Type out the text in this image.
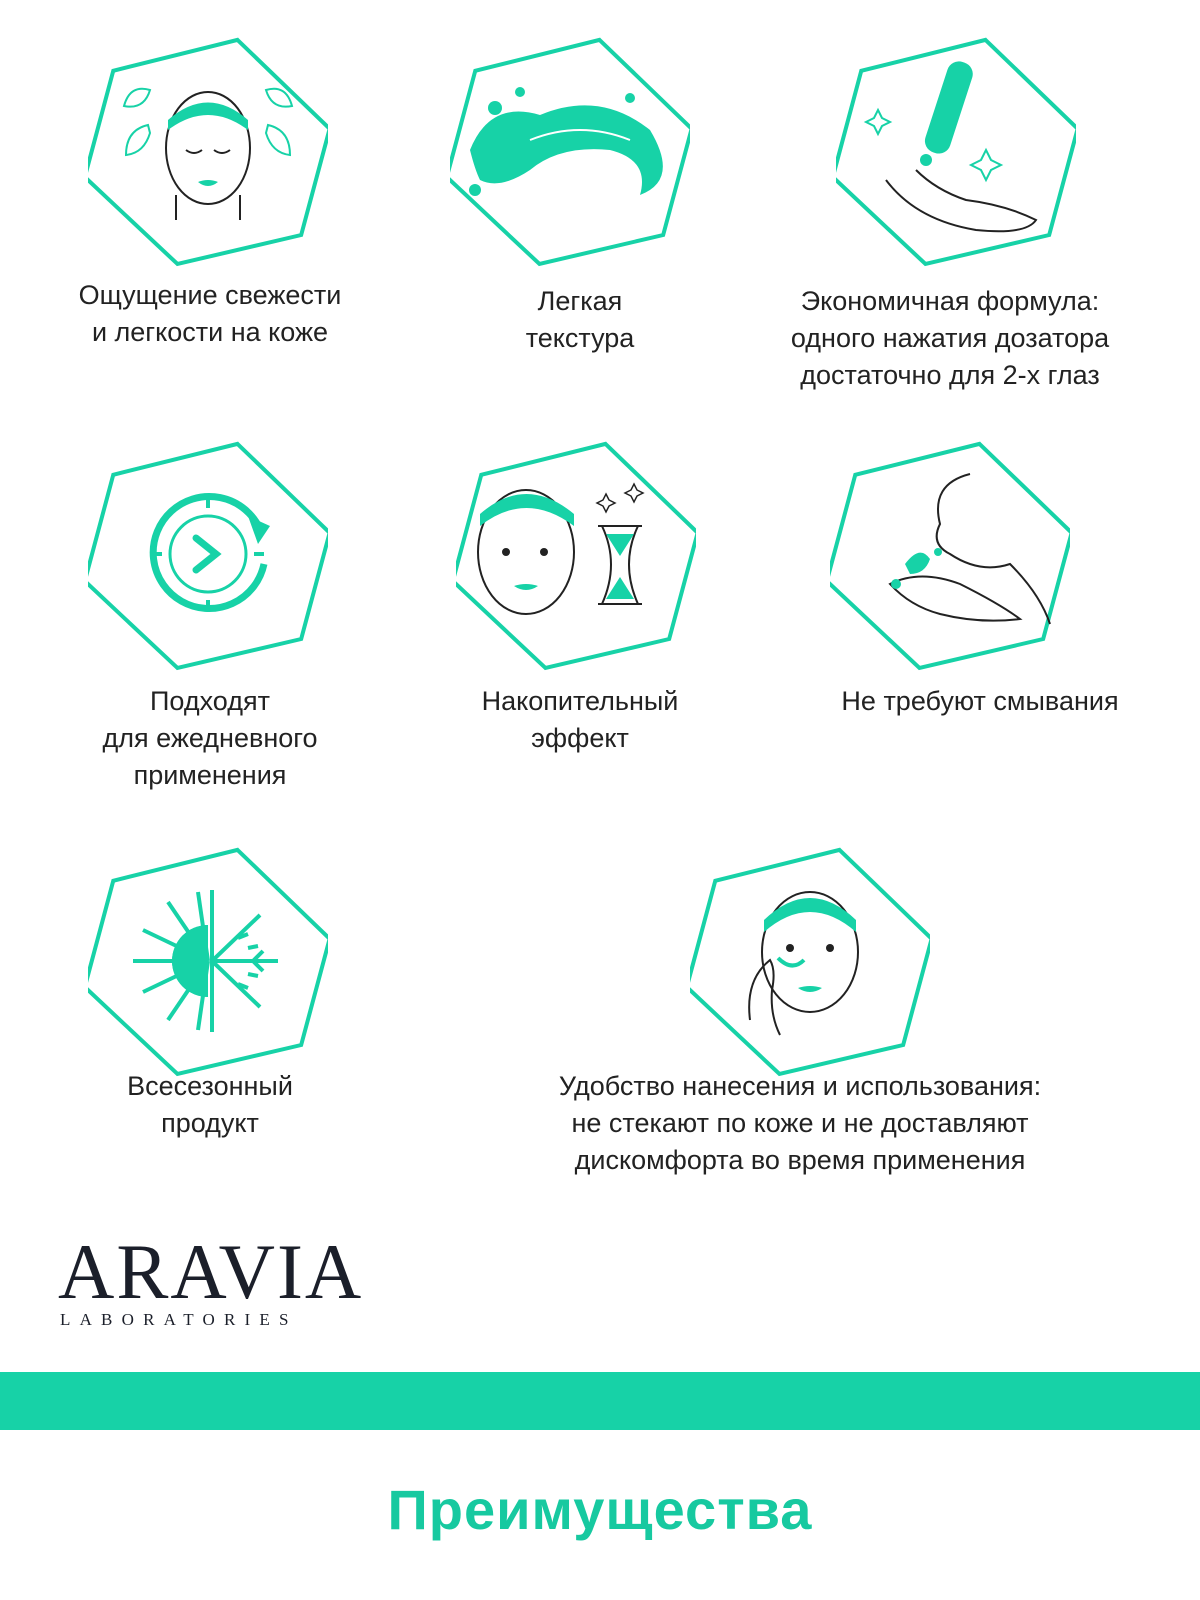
Ощущение свежести
и легкости на коже
Легкая
текстура
Экономичная формула:
одного нажатия дозатора
достаточно для 2-х глаз
Подходят
для ежедневного
применения
Накопительный
эффект
Не требуют смывания
Всесезонный
продукт
Удобство нанесения и использования:
не стекают по коже и не доставляют
дискомфорта во время применения
ARAVIA
LABORATORIES
Преимущества
